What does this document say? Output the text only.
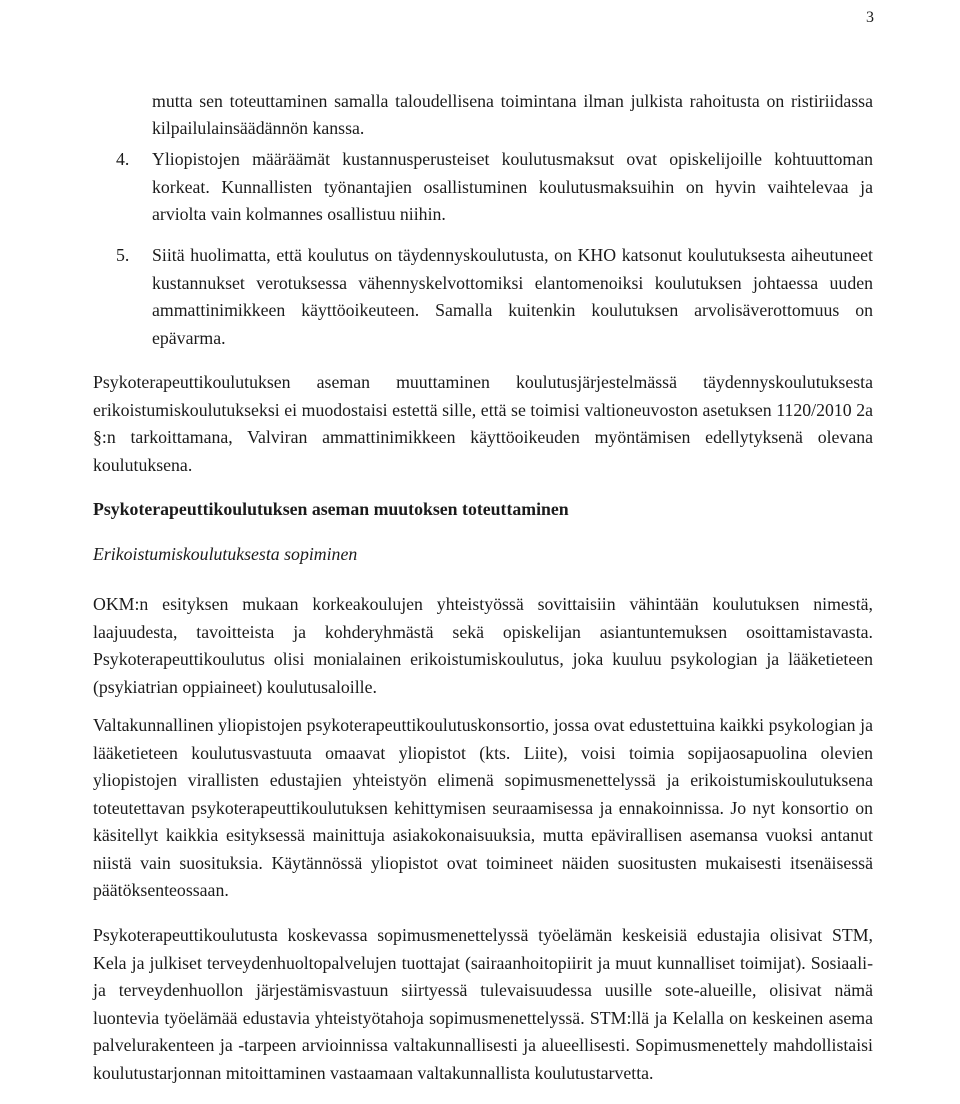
3

mutta sen toteuttaminen samalla taloudellisena toimintana ilman julkista rahoitusta on ristiriidassa kilpailulainsäädännön kanssa.

4. Yliopistojen määräämät kustannusperusteiset koulutusmaksut ovat opiskelijoille kohtuuttoman korkeat. Kunnallisten työnantajien osallistuminen koulutusmaksuihin on hyvin vaihtelevaa ja arviolta vain kolmannes osallistuu niihin.

5. Siitä huolimatta, että koulutus on täydennyskoulutusta, on KHO katsonut koulutuksesta aiheutuneet kustannukset verotuksessa vähennyskelvottomiksi elantomenoiksi koulutuksen johtaessa uuden ammattinimikkeen käyttöoikeuteen. Samalla kuitenkin koulutuksen arvolisäverottomuus on epävarma.

Psykoterapeuttikoulutuksen aseman muuttaminen koulutusjärjestelmässä täydennyskoulutuksesta erikoistumiskoulutukseksi ei muodostaisi estettä sille, että se toimisi valtioneuvoston asetuksen 1120/2010 2a §:n tarkoittamana, Valviran ammattinimikkeen käyttöoikeuden myöntämisen edellytyksenä olevana koulutuksena.

Psykoterapeuttikoulutuksen aseman muutoksen toteuttaminen
Erikoistumiskoulutuksesta sopiminen

OKM:n esityksen mukaan korkeakoulujen yhteistyössä sovittaisiin vähintään koulutuksen nimestä, laajuudesta, tavoitteista ja kohderyhmästä sekä opiskelijan asiantuntemuksen osoittamistavasta. Psykoterapeuttikoulutus olisi monialainen erikoistumiskoulutus, joka kuuluu psykologian ja lääketieteen (psykiatrian oppiaineet) koulutusaloille.

Valtakunnallinen yliopistojen psykoterapeuttikoulutuskonsortio, jossa ovat edustettuina kaikki psykologian ja lääketieteen koulutusvastuuta omaavat yliopistot (kts. Liite), voisi toimia sopijaosapuolina olevien yliopistojen virallisten edustajien yhteistyön elimenä sopimusmenettelyssä ja erikoistumiskoulutuksena toteutettavan psykoterapeuttikoulutuksen kehittymisen seuraamisessa ja ennakoinnissa. Jo nyt konsortio on käsitellyt kaikkia esityksessä mainittuja asiakokonaisuuksia, mutta epävirallisen asemansa vuoksi antanut niistä vain suosituksia. Käytännössä yliopistot ovat toimineet näiden suositusten mukaisesti itsenäisessä päätöksenteossaan.

Psykoterapeuttikoulutusta koskevassa sopimusmenettelyssä työelämän keskeisiä edustajia olisivat STM, Kela ja julkiset terveydenhuoltopalvelujen tuottajat (sairaanhoitopiirit ja muut kunnalliset toimijat). Sosiaali- ja terveydenhuollon järjestämisvastuun siirtyessä tulevaisuudessa uusille sote-alueille, olisivat nämä luontevia työelämää edustavia yhteistyötahoja sopimusmenettelyssä. STM:llä ja Kelalla on keskeinen asema palvelurakenteen ja -tarpeen arvioinnissa valtakunnallisesti ja alueellisesti. Sopimusmenettely mahdollistaisi koulutustarjonnan mitoittaminen vastaamaan valtakunnallista koulutustarvetta.
